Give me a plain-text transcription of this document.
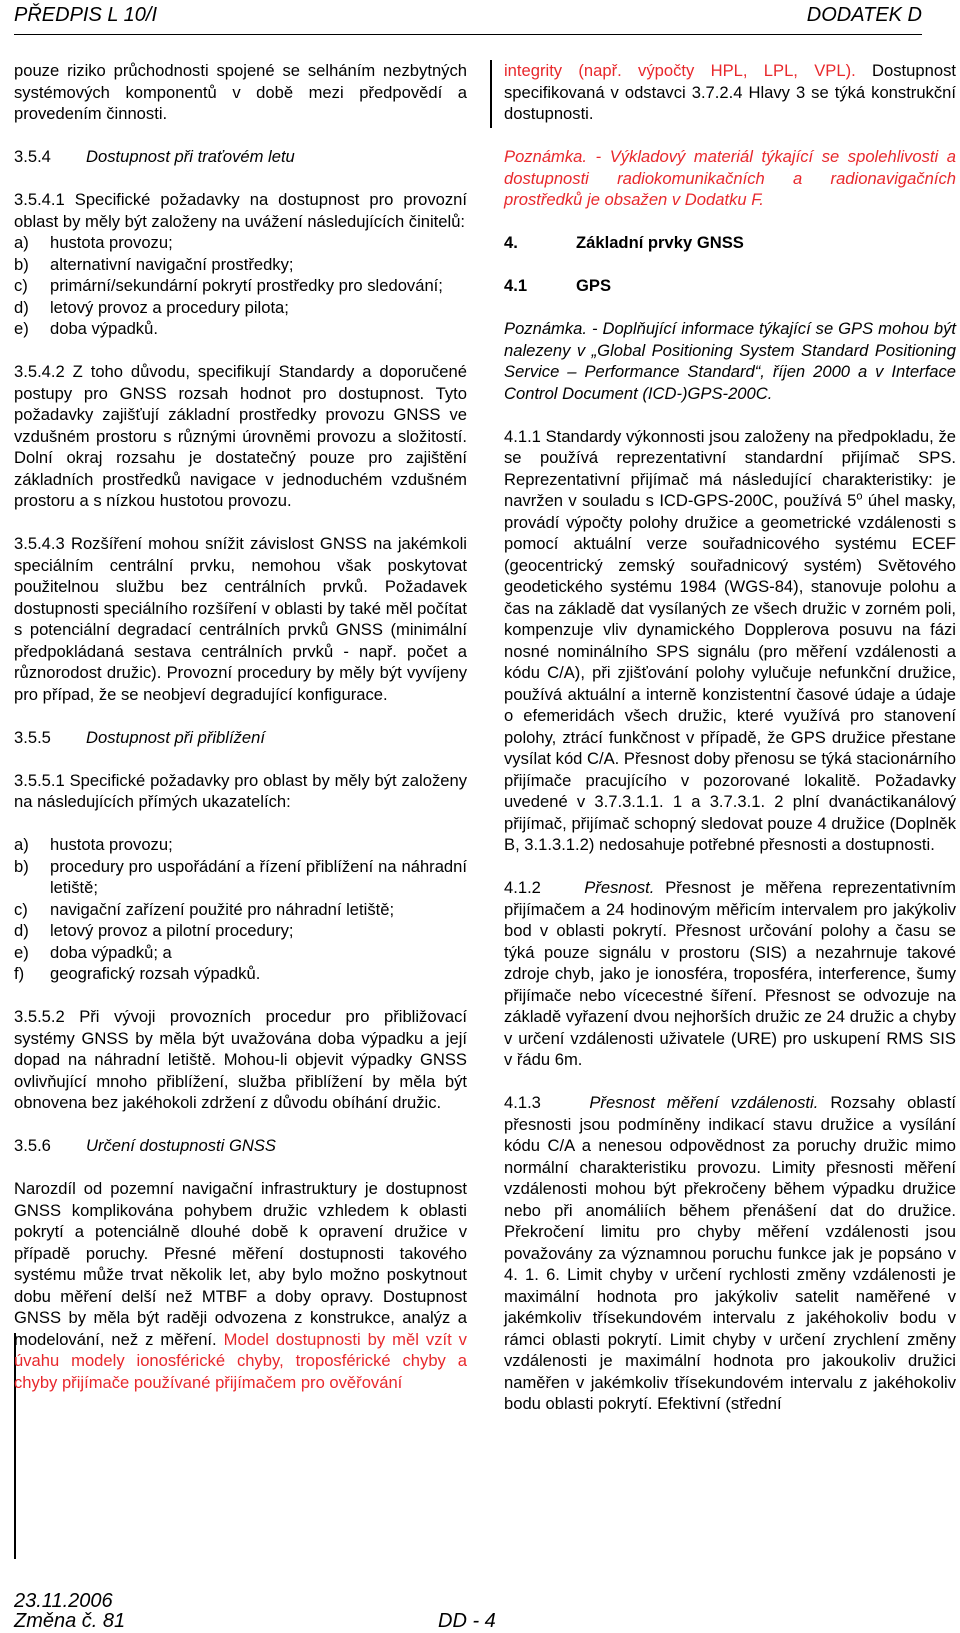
PŘEDPIS L 10/I	DODATEK D

pouze riziko průchodnosti spojené se selháním nezbytných systémových komponentů v době mezi předpovědí a provedením činnosti.

3.5.4	Dostupnost při traťovém letu

3.5.4.1 Specifické požadavky na dostupnost pro provozní oblast by měly být založeny na uvážení následujících činitelů:

a)	hustota provozu;
b)	alternativní navigační prostředky;
c)	primární/sekundární pokrytí prostředky pro sledování;
d)	letový provoz a procedury pilota;
e)	doba výpadků.

3.5.4.2 Z toho důvodu, specifikují Standardy a doporučené postupy pro GNSS rozsah hodnot pro dostupnost. Tyto požadavky zajišťují základní prostředky provozu GNSS ve vzdušném prostoru s různými úrovněmi provozu a složitostí. Dolní okraj rozsahu je dostatečný pouze pro zajištění základních prostředků navigace v jednoduchém vzdušném prostoru a s nízkou hustotou provozu.

3.5.4.3 Rozšíření mohou snížit závislost GNSS na jakémkoli speciálním centrální prvku, nemohou však poskytovat použitelnou službu bez centrálních prvků. Požadavek dostupnosti speciálního rozšíření v oblasti by také měl počítat s potenciální degradací centrálních prvků GNSS (minimální předpokládaná sestava centrálních prvků - např. počet a různorodost družic). Provozní procedury by měly být vyvíjeny pro případ, že se neobjeví degradující konfigurace.

3.5.5	Dostupnost při přiblížení

3.5.5.1 Specifické požadavky pro oblast by měly být založeny na následujících přímých ukazatelích:

a)	hustota provozu;
b)	procedury pro uspořádání a řízení přiblížení na náhradní letiště;
c)	navigační zařízení použité pro náhradní letiště;
d)	letový provoz a pilotní procedury;
e)	doba výpadků; a
f)	geografický rozsah výpadků.

3.5.5.2 Při vývoji provozních procedur pro přibližovací systémy GNSS by měla být uvažována doba výpadku a její dopad na náhradní letiště. Mohou-li objevit výpadky GNSS ovlivňující mnoho přiblížení, služba přiblížení by měla být obnovena bez jakéhokoli zdržení z důvodu obíhání družic.

3.5.6	Určení dostupnosti GNSS

Narozdíl od pozemní navigační infrastruktury je dostupnost GNSS komplikována pohybem družic vzhledem k oblasti pokrytí a potenciálně dlouhé době k opravení družice v případě poruchy. Přesné měření dostupnosti takového systému může trvat několik let, aby bylo možno poskytnout dobu měření delší než MTBF a doby opravy. Dostupnost GNSS by měla být raději odvozena z konstrukce, analýz a modelování, než z měření. Model dostupnosti by měl vzít v úvahu modely ionosférické chyby, troposférické chyby a chyby přijímače používané přijímačem pro ověřování

integrity (např. výpočty HPL, LPL, VPL). Dostupnost specifikovaná v odstavci 3.7.2.4 Hlavy 3 se týká konstrukční dostupnosti.

Poznámka. - Výkladový materiál týkající se spolehlivosti a dostupnosti radiokomunikačních a radionavigačních prostředků je obsažen v Dodatku F.

4.	Základní prvky GNSS
4.1	GPS

Poznámka. - Doplňující informace týkající se GPS mohou být nalezeny v „Global Positioning System Standard Positioning Service – Performance Standard“, říjen 2000 a v Interface Control Document (ICD-)GPS-200C.

4.1.1 Standardy výkonnosti jsou založeny na předpokladu, že se používá reprezentativní standardní přijímač SPS. Reprezentativní přijímač má následující charakteristiky: je navržen v souladu s ICD-GPS-200C, používá 5$^o$ úhel masky, provádí výpočty polohy družice a geometrické vzdálenosti s pomocí aktuální verze souřadnicového systému ECEF (geocentrický zemský souřadnicový systém) Světového geodetického systému 1984 (WGS-84), stanovuje polohu a čas na základě dat vysílaných ze všech družic v zorném poli, kompenzuje vliv dynamického Dopplerova posuvu na fázi nosné nominálního SPS signálu (pro měření vzdálenosti a kódu C/A), při zjišťování polohy vylučuje nefunkční družice, používá aktuální a interně konzistentní časové údaje a údaje o efemeridách všech družic, které využívá pro stanovení polohy, ztrácí funkčnost v případě, že GPS družice přestane vysílat kód C/A. Přesnost doby přenosu se týká stacionárního přijímače pracujícího v pozorované lokalitě. Požadavky uvedené v 3.7.3.1.1. 1 a 3.7.3.1. 2 plní dvanáctikanálový přijímač, přijímač schopný sledovat pouze 4 družice (Doplněk B, 3.1.3.1.2) nedosahuje potřebné přesnosti a dostupnosti.

4.1.2	Přesnost. Přesnost je měřena reprezentativním přijímačem a 24 hodinovým měřicím intervalem pro jakýkoliv bod v oblasti pokrytí. Přesnost určování polohy a času se týká pouze signálu v prostoru (SIS) a nezahrnuje takové zdroje chyb, jako je ionosféra, troposféra, interference, šumy přijímače nebo vícecestné šíření. Přesnost se odvozuje na základě vyřazení dvou nejhorších družic ze 24 družic a chyby v určení vzdálenosti uživatele (URE) pro uskupení RMS SIS v řádu 6m.

4.1.3	Přesnost měření vzdálenosti. Rozsahy oblastí přesnosti jsou podmíněny indikací stavu družice a vysílání kódu C/A a nenesou odpovědnost za poruchy družic mimo normální charakteristiku provozu. Limity přesnosti měření vzdálenosti mohou být překročeny během výpadku družice nebo při anomáliích během přenášení dat do družice. Překročení limitu pro chyby měření vzdálenosti jsou považovány za významnou poruchu funkce jak je popsáno v 4. 1. 6. Limit chyby v určení rychlosti změny vzdálenosti je maximální hodnota pro jakýkoliv satelit naměřené v jakémkoliv třísekundovém intervalu z jakéhokoliv bodu v rámci oblasti pokrytí. Limit chyby v určení zrychlení změny vzdálenosti je maximální hodnota pro jakoukoliv družici naměřen v jakémkoliv třísekundovém intervalu z jakéhokoliv bodu oblasti pokrytí. Efektivní (střední

23.11.2006
Změna č. 81	DD - 4
